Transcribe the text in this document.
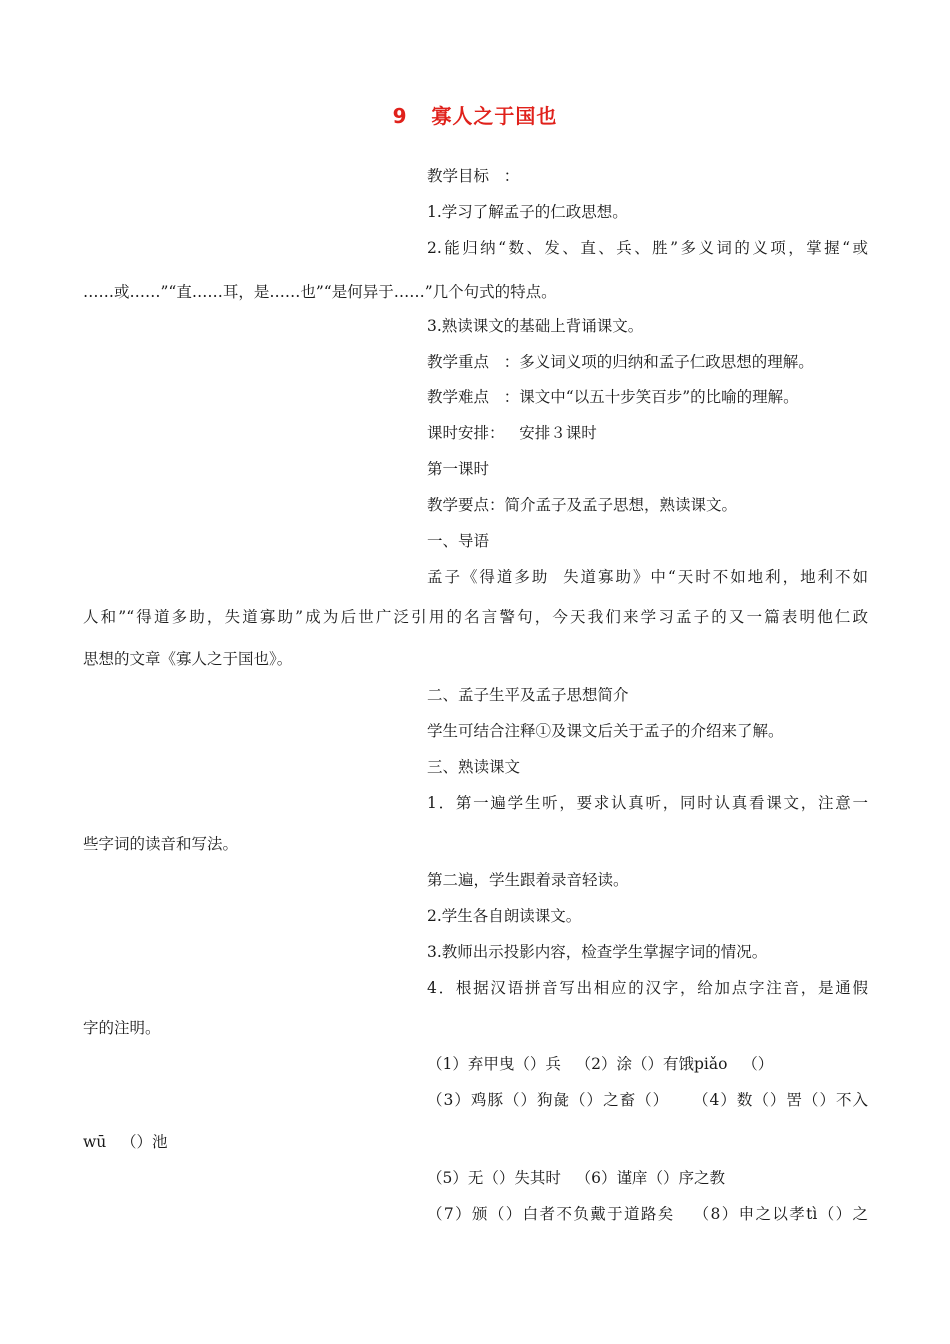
9   寡人之于国也
教学目标   ：
1.学习了解孟子的仁政思想。
2.能归纳“数、发、直、兵、胜”多义词的义项，掌握“或
……或……”“直……耳，是……也”“是何异于……”几个句式的特点。
3.熟读课文的基础上背诵课文。
教学重点   ：多义词义项的归纳和孟子仁政思想的理解。
教学难点   ：课文中“以五十步笑百步”的比喻的理解。
课时安排：   安排３课时
第一课时
教学要点：简介孟子及孟子思想，熟读课文。
一、导语
孟子《得道多助  失道寡助》中“天时不如地利，地利不如
人和”“得道多助，失道寡助”成为后世广泛引用的名言警句，今天我们来学习孟子的又一篇表明他仁政
思想的文章《寡人之于国也》。
二、孟子生平及孟子思想简介
学生可结合注释①及课文后关于孟子的介绍来了解。
三、熟读课文
1．第一遍学生听，要求认真听，同时认真看课文，注意一
些字词的读音和写法。
第二遍，学生跟着录音轻读。
2.学生各自朗读课文。
3.教师出示投影内容，检查学生掌握字词的情况。
4．根据汉语拼音写出相应的汉字，给加点字注音，是通假
字的注明。
（1）弃甲曳（）兵   （2）涂（）有饿piǎo   （）
（3）鸡豚（）狗彘（）之畜（）    （4）数（）罟（）不入
wū   （）池
（5）无（）失其时   （6）谨庠（）序之教
（7）颁（）白者不负戴于道路矣   （8）申之以孝tì（）之
